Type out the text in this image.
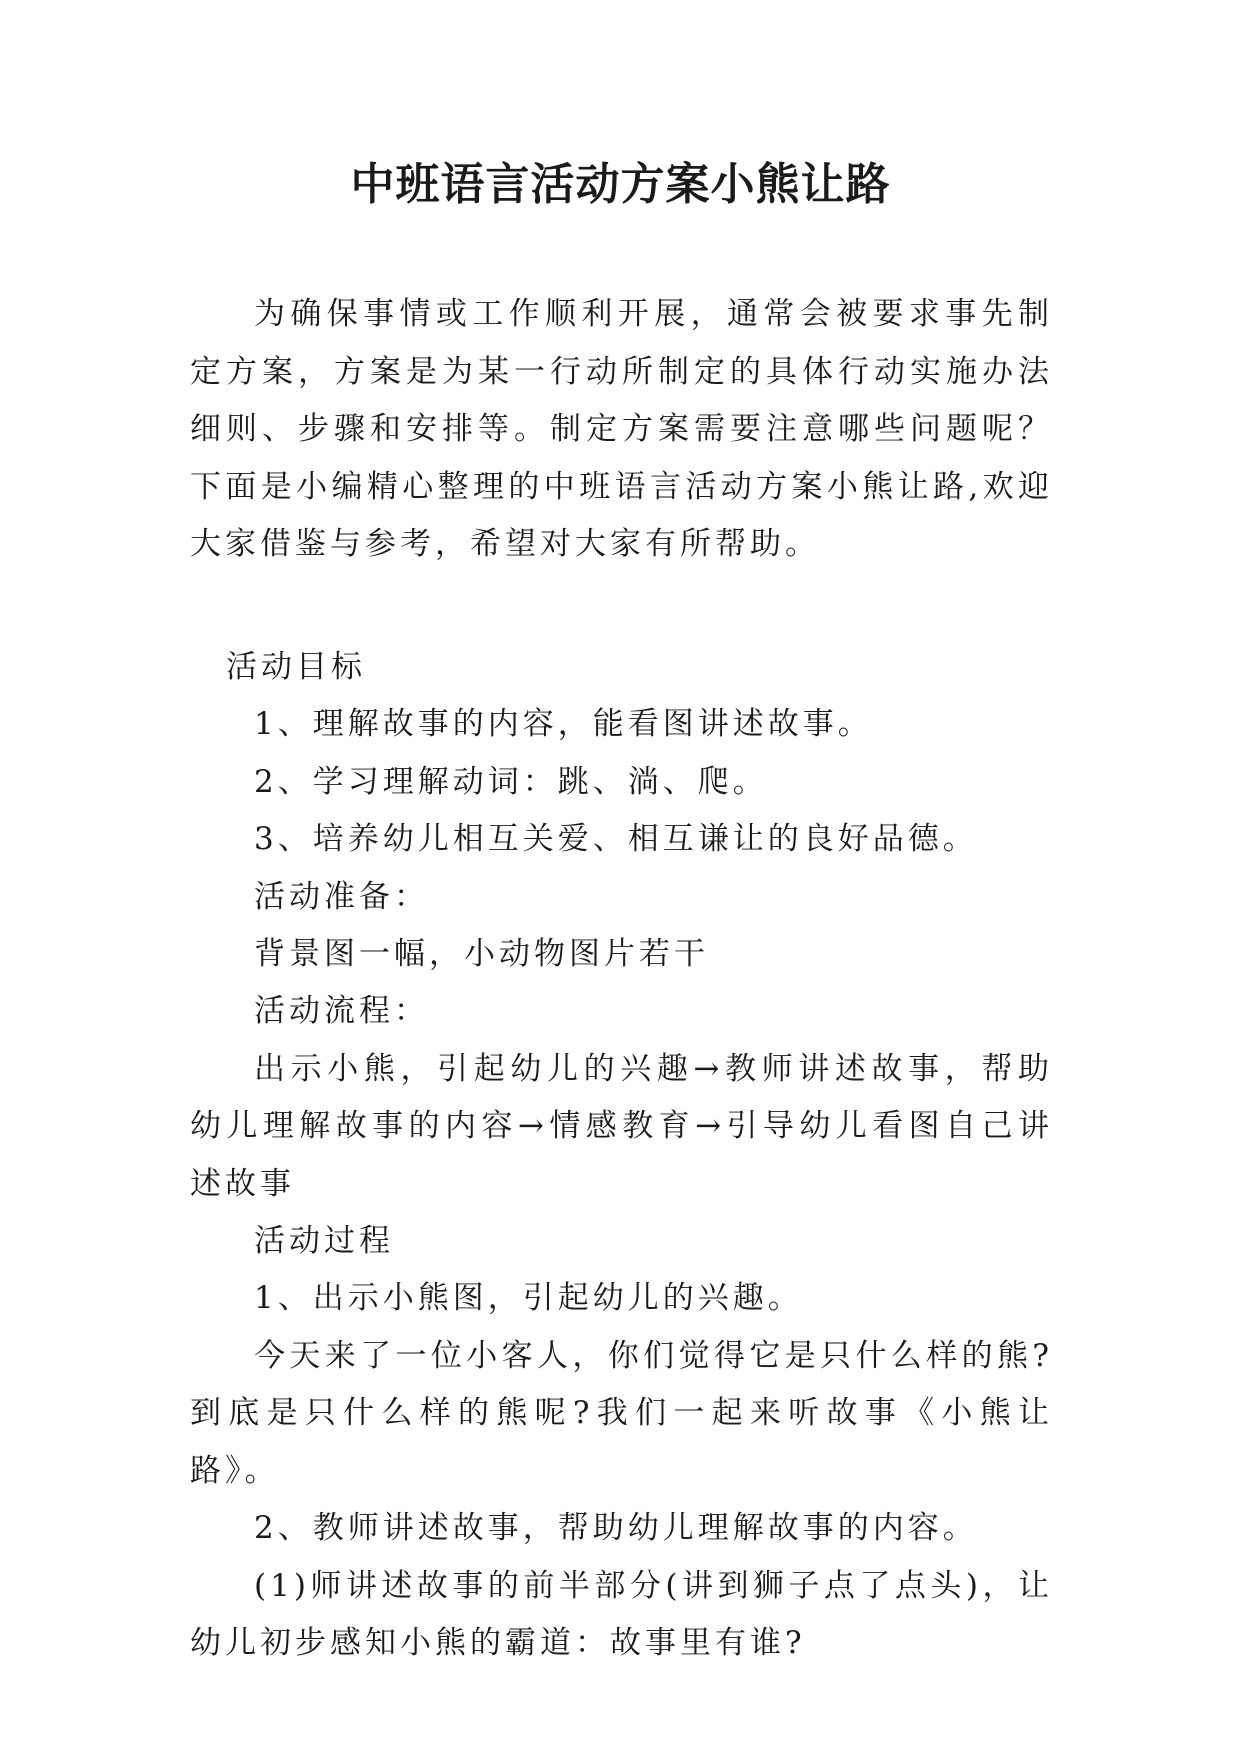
中班语言活动方案小熊让路

为确保事情或工作顺利开展，通常会被要求事先制定方案，方案是为某一行动所制定的具体行动实施办法细则、步骤和安排等。制定方案需要注意哪些问题呢？下面是小编精心整理的中班语言活动方案小熊让路,欢迎大家借鉴与参考，希望对大家有所帮助。

活动目标

1、理解故事的内容，能看图讲述故事。

2、学习理解动词：跳、淌、爬。

3、培养幼儿相互关爱、相互谦让的良好品德。

活动准备：

背景图一幅，小动物图片若干

活动流程：

出示小熊，引起幼儿的兴趣→教师讲述故事，帮助幼儿理解故事的内容→情感教育→引导幼儿看图自己讲述故事

活动过程

1、出示小熊图，引起幼儿的兴趣。

今天来了一位小客人，你们觉得它是只什么样的熊?到底是只什么样的熊呢?我们一起来听故事《小熊让路》。

2、教师讲述故事，帮助幼儿理解故事的内容。

(1)师讲述故事的前半部分(讲到狮子点了点头)，让幼儿初步感知小熊的霸道：故事里有谁?
